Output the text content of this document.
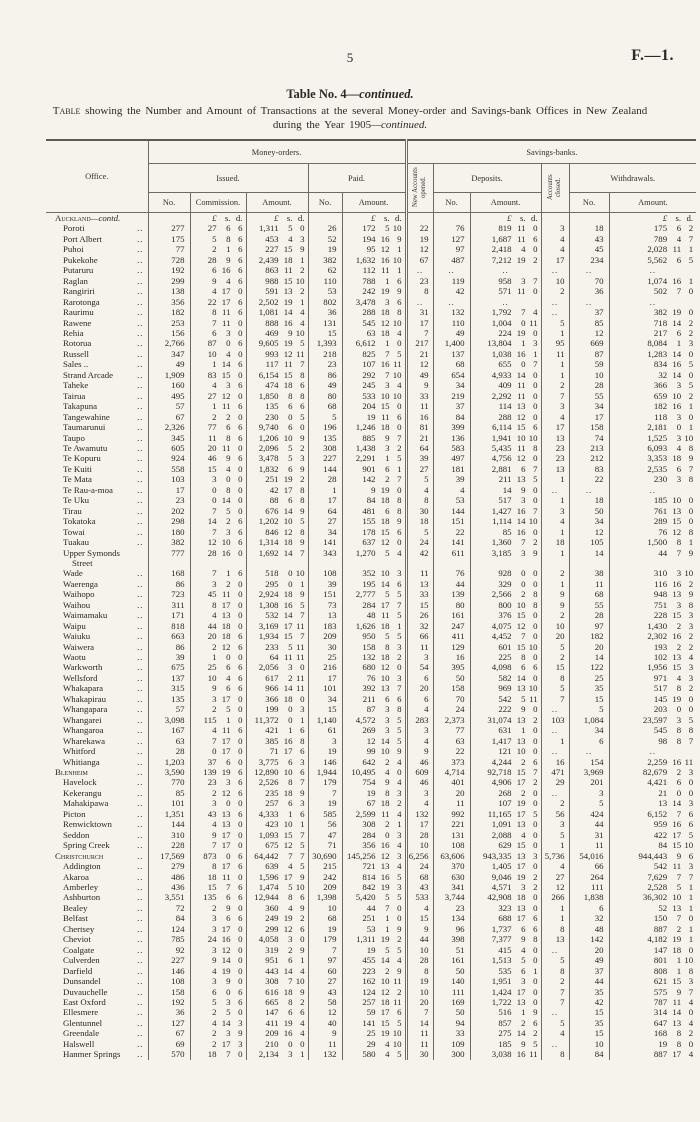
5	F.—1.
Table No. 4—continued.
Table showing the Number and Amount of Transactions at the several Money-order and Savings-bank Offices in New Zealand during the Year 1905—continued.
Office.	Money-orders.					Savings-banks.					
	Issued.			Paid.		New Accounts opened.	Deposits.		Accounts closed.	Withdrawals.	
	No.	Commission.	Amount.	No.	Amount.		No.	Amount.		No.	Amount.
Auckland—contd.		£ s. d.	£ s. d.		£ s. d.			£ s. d.			£ s. d.

Poroti ..	277	27 6 6	1,311 5 0	26	172 5 10	22	76	819 11 0	3	18	175 6 2

Port Albert ..	175	5 8 6	453 4 3	52	194 16 9	19	127	1,687 11 6	4	43	789 4 7

Puhoi ..	77	2 1 6	227 15 9	19	95 12 1	12	97	2,418 4 0	4	45	2,028 11 1

Pukekohe ..	728	28 9 6	2,439 18 1	382	1,632 16 10	67	487	7,212 19 2	17	234	5,562 6 5

Putaruru ..	192	6 16 6	863 11 2	62	112 11 1	..	..	..	..	..	..
Raglan ..	299	9 4 6	988 15 10	110	788 1 6	23	119	958 3 7	10	70	1,074 16 1

Rangiriri ..	138	4 17 0	591 13 2	53	242 19 9	8	42	571 11 0	2	36	502 7 0

Rarotonga ..	356	22 17 6	2,502 19 1	802	3,478 3 6	..	..	..	..	..	..
Raurimu ..	182	8 11 6	1,081 14 4	36	288 18 8	31	132	1,792 7 4	..	37	382 19 0

Rawene ..	253	7 11 0	888 16 4	131	545 12 10	17	110	1,004 0 11	5	85	718 14 2

Rehia ..	156	6 3 0	469 9 10	15	63 18 4	7	49	224 19 0	1	12	217 6 2

Rotorua ..	2,766	87 0 6	9,605 19 5	1,393	6,612 1 0	217	1,400	13,804 1 3	95	669	8,084 1 3

Russell ..	347	10 4 0	993 12 11	218	825 7 5	21	137	1,038 16 1	11	87	1,283 14 0

Sales .. ..	49	1 14 6	117 11 7	23	107 16 11	12	68	655 0 7	1	59	834 16 5

Strand Arcade ..	1,909	83 15 0	6,154 15 8	86	292 7 10	49	654	4,933 14 0	1	10	32 14 0

Taheke ..	160	4 3 6	474 18 6	49	245 3 4	9	34	409 11 0	2	28	366 3 5

Tairua ..	495	27 12 0	1,850 8 8	80	533 10 10	33	219	2,292 11 0	7	55	659 10 2

Takapuna ..	57	1 11 6	135 6 6	68	204 15 0	11	37	114 13 0	3	34	182 16 1

Tangewahine ..	67	2 2 0	230 0 5	5	19 11 6	16	84	288 12 0	4	17	118 3 0

Taumarunui ..	2,326	77 6 6	9,740 6 0	196	1,246 18 0	81	399	6,114 15 6	17	158	2,181 0 1

Taupo ..	345	11 8 6	1,206 10 9	135	885 9 7	21	136	1,941 10 10	13	74	1,525 3 10

Te Awamutu ..	605	20 11 0	2,096 5 2	308	1,438 3 2	64	583	5,435 11 8	23	213	6,093 4 8

Te Kopuru ..	924	46 9 6	3,478 5 3	227	2,291 1 5	39	497	4,756 12 0	23	212	3,353 18 9

Te Kuiti ..	558	15 4 0	1,832 6 9	144	901 6 1	27	181	2,881 6 7	13	83	2,535 6 7

Te Mata ..	103	3 0 0	251 19 2	28	142 2 7	5	39	211 13 5	1	22	230 3 8

Te Rau-a-moa ..	17	0 8 0	42 17 8	1	9 19 0	4	4	14 9 0	..	..	..
Te Uku ..	23	0 14 0	88 6 8	17	84 18 8	8	53	517 3 0	1	18	185 10 0

Tirau ..	202	7 5 0	676 14 9	64	481 6 8	30	144	1,427 16 7	3	50	761 13 0

Tokatoka ..	298	14 2 6	1,202 10 5	27	155 18 9	18	151	1,114 14 10	4	34	289 15 0

Towai ..	180	7 3 6	846 12 8	34	178 15 6	5	22	85 16 0	1	12	76 12 8

Tuakau ..	382	12 10 6	1,314 18 9	141	637 12 0	24	141	1,360 7 2	18	105	1,500 8 1

Upper Symonds
Street	777	28 16 0	1,692 14 7	343	1,270 5 4	42	611	3,185 3 9	1	14	44 7 9

Wade ..	168	7 1 6	518 0 10	108	352 10 3	11	76	928 0 0	2	38	310 3 10

Waerenga ..	86	3 2 0	295 0 1	39	195 14 6	13	44	329 0 0	1	11	116 16 2

Waihopo ..	723	45 11 0	2,924 18 9	151	2,777 5 5	33	139	2,566 2 8	9	68	948 13 9

Waihou ..	311	8 17 0	1,308 16 5	73	284 17 7	15	80	800 10 8	9	55	751 3 8

Waimamaku ..	171	4 13 0	532 14 7	13	48 11 5	26	161	376 15 0	2	28	228 15 3

Waipu ..	818	44 18 0	3,169 17 11	183	1,626 18 1	32	247	4,075 12 0	10	97	1,430 2 3

Waiuku ..	663	20 18 6	1,934 15 7	209	950 5 5	66	411	4,452 7 0	20	182	2,302 16 2

Waiwera ..	86	2 12 6	233 5 11	30	158 8 3	11	129	601 15 10	5	20	193 2 2

Waotu ..	39	1 0 0	64 11 11	25	132 18 2	3	16	225 8 0	2	14	102 13 4

Warkworth ..	675	25 6 6	2,056 3 0	216	680 12 0	54	395	4,098 6 6	15	122	1,956 15 3

Wellsford ..	137	10 4 6	617 2 11	17	76 10 3	6	50	582 14 0	8	25	971 4 3

Whakapara ..	315	9 6 6	966 14 11	101	392 13 7	20	158	969 13 10	5	35	517 8 2

Whakapirau ..	135	3 17 0	366 18 0	34	211 6 6	6	70	542 5 11	7	15	145 19 0

Whangapara ..	57	2 5 0	199 0 3	15	87 3 8	4	24	222 9 0	..	5	203 0 0

Whangarei ..	3,098	115 1 0	11,372 0 1	1,140	4,572 3 5	283	2,373	31,074 13 2	103	1,084	23,597 3 5

Whangaroa ..	167	4 11 6	421 1 6	61	269 3 5	3	77	631 1 0	..	34	545 8 8

Wharekawa ..	63	7 17 0	385 16 8	3	12 14 5	4	63	1,417 13 0	1	6	98 8 7

Whitford ..	28	0 17 0	71 17 6	19	99 10 9	9	22	121 10 0	..	..	..
Whitianga ..	1,203	37 6 0	3,775 6 3	146	642 2 4	46	373	4,244 2 6	16	154	2,259 16 11

Blenheim ..	3,590	139 19 6	12,890 10 6	1,944	10,495 4 0	609	4,714	92,718 15 7	471	3,969	82,679 2 3

Havelock ..	770	23 3 6	2,526 8 7	179	754 9 4	46	401	4,906 17 2	29	201	4,421 6 0

Kekerangu ..	85	2 12 6	235 18 9	7	19 8 3	3	20	268 2 0	..	3	21 0 0

Mahakipawa ..	101	3 0 0	257 6 3	19	67 18 2	4	11	107 19 0	2	5	13 14 3

Picton ..	1,351	43 13 6	4,333 1 6	585	2,599 11 4	132	992	11,165 17 5	56	424	6,152 7 6

Renwicktown ..	144	4 13 0	423 10 1	56	308 2 1	17	221	1,091 13 0	3	44	959 16 6

Seddon ..	310	9 17 0	1,093 15 7	47	284 0 3	28	131	2,088 4 0	5	31	422 17 5

Spring Creek ..	228	7 17 0	675 12 5	71	356 16 4	10	108	629 15 0	1	11	84 15 10

Christchurch ..	17,569	873 0 6	64,442 7 7	30,690	145,256 12 3	6,256	63,606	943,335 13 3	5,736	54,016	944,443 9 6

Addington ..	279	8 17 6	639 4 5	215	721 13 4	24	370	1,405 17 0	4	66	542 11 3

Akaroa ..	486	18 11 0	1,596 17 9	242	814 16 5	68	630	9,046 19 2	27	264	7,629 7 7

Amberley ..	436	15 7 6	1,474 5 10	209	842 19 3	43	341	4,571 3 2	12	111	2,528 5 1

Ashburton ..	3,551	135 6 6	12,944 8 6	1,398	5,420 5 5	533	3,744	42,908 18 0	266	1,838	36,302 10 1

Bealey ..	72	2 9 0	360 4 9	10	44 7 0	4	23	323 13 0	1	6	52 13 1

Belfast ..	84	3 6 6	249 19 2	68	251 1 0	15	134	688 17 6	1	32	150 7 0

Chertsey ..	124	3 17 0	299 12 6	19	53 1 9	9	96	1,737 6 6	8	48	887 2 1

Cheviot ..	785	24 16 0	4,058 3 0	179	1,311 19 2	44	398	7,377 9 8	13	142	4,182 19 1

Coalgate ..	92	3 12 0	319 2 9	7	19 5 5	10	51	415 4 0	..	20	147 18 0

Culverden ..	227	9 14 0	951 6 1	97	455 14 4	28	161	1,513 5 0	5	49	801 1 10

Darfield ..	146	4 19 0	443 14 4	60	223 2 9	8	50	535 6 1	8	37	808 1 8

Dunsandel ..	108	3 9 0	308 7 10	27	162 10 11	19	140	1,951 3 0	2	44	621 15 3

Duvauchelle ..	158	6 0 6	616 18 9	43	124 12 2	10	111	1,424 17 0	7	35	575 9 7

East Oxford ..	192	5 3 6	665 8 2	58	257 18 11	20	169	1,722 13 0	7	42	787 11 4

Ellesmere ..	36	2 5 0	147 6 6	12	59 17 6	7	50	516 1 9	..	15	314 14 0

Glentunnel ..	127	4 14 3	411 19 4	40	141 15 5	14	94	857 2 6	5	35	647 13 4

Greendale ..	67	2 3 9	209 16 4	9	25 19 10	11	33	275 14 2	4	15	168 8 2

Halswell ..	69	2 17 3	210 0 0	11	29 4 10	11	109	185 9 5	..	10	19 8 0

Hanmer Springs ..	570	18 7 0	2,134 3 1	132	580 4 5	30	300	3,038 16 11	8	84	887 17 4
